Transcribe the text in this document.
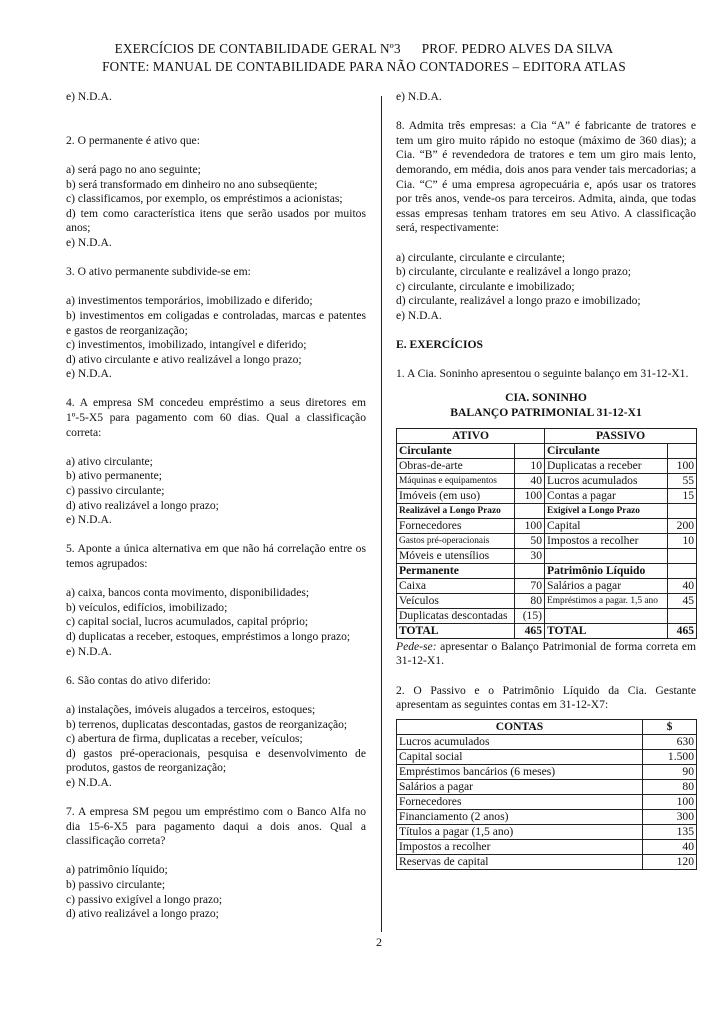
EXERCÍCIOS DE CONTABILIDADE GERAL Nº3      PROF. PEDRO ALVES DA SILVA
FONTE: MANUAL DE CONTABILIDADE PARA NÃO CONTADORES – EDITORA ATLAS

e) N.D.A.

2. O permanente é ativo que:

a) será pago no ano seguinte;

b) será transformado em dinheiro no ano subseqüente;

c) classificamos, por exemplo, os empréstimos a acionistas;

d) tem como característica itens que serão usados por muitos anos;

e) N.D.A.

3. O ativo permanente subdivide-se em:

a) investimentos temporários, imobilizado e diferido;

b) investimentos em coligadas e controladas, marcas e patentes e gastos de reorganização;

c) investimentos, imobilizado, intangível e diferido;

d) ativo circulante e ativo realizável a longo prazo;

e) N.D.A.

4. A empresa SM concedeu empréstimo a seus diretores em 1º-5-X5 para pagamento com 60 dias. Qual a classificação correta:

a) ativo circulante;

b) ativo permanente;

c) passivo circulante;

d) ativo realizável a longo prazo;

e) N.D.A.

5. Aponte a única alternativa em que não há correlação entre os temos agrupados:

a) caixa, bancos conta movimento, disponibilidades;

b) veículos, edifícios, imobilizado;

c) capital social, lucros acumulados, capital próprio;

d) duplicatas a receber, estoques, empréstimos a longo prazo;

e) N.D.A.

6. São contas do ativo diferido:

a) instalações, imóveis alugados a terceiros, estoques;

b) terrenos, duplicatas descontadas, gastos de reorganização;

c) abertura de firma, duplicatas a receber, veículos;

d) gastos pré-operacionais, pesquisa e desenvolvimento de produtos, gastos de reorganização;

e) N.D.A.

7. A empresa SM pegou um empréstimo com o Banco Alfa no dia 15-6-X5 para pagamento daqui a dois anos. Qual a classificação correta?

a) patrimônio líquido;

b) passivo circulante;

c) passivo exigível a longo prazo;

d) ativo realizável a longo prazo;

e) N.D.A.

8. Admita três empresas: a Cia “A” é fabricante de tratores e tem um giro muito rápido no estoque (máximo de 360 dias); a Cia. “B” é revendedora de tratores e tem um giro mais lento, demorando, em média, dois anos para vender tais mercadorias; a Cia. “C” é uma empresa agropecuária e, após usar os tratores por três anos, vende-os para terceiros. Admita, ainda, que todas essas empresas tenham tratores em seu Ativo. A classificação será, respectivamente:

a) circulante, circulante e circulante;

b) circulante, circulante e realizável a longo prazo;

c) circulante, circulante e imobilizado;

d) circulante, realizável a longo prazo e imobilizado;

e) N.D.A.

E. EXERCÍCIOS

1. A Cia. Soninho apresentou o seguinte balanço em 31-12-X1.

CIA. SONINHO

BALANÇO PATRIMONIAL 31-12-X1

ATIVO		PASSIVO	
Circulante		Circulante	
Obras-de-arte	10	Duplicatas a receber	100
Máquinas e equipamentos	40	Lucros acumulados	55
Imóveis (em uso)	100	Contas a pagar	15
Realizável a Longo Prazo		Exigível a Longo Prazo	
Fornecedores	100	Capital	200
Gastos pré-operacionais	50	Impostos a recolher	10
Móveis e utensílios	30		
Permanente		Patrimônio Líquido	
Caixa	70	Salários a pagar	40
Veículos	80	Empréstimos a pagar. 1,5 ano	45
Duplicatas descontadas	(15)		
TOTAL	465	TOTAL	465

Pede-se: apresentar o Balanço Patrimonial de forma correta em 31-12-X1.

2. O Passivo e o Patrimônio Líquido da Cia. Gestante apresentam as seguintes contas em 31-12-X7:

CONTAS	$
Lucros acumulados	630
Capital social	1.500
Empréstimos bancários (6 meses)	90
Salários a pagar	80
Fornecedores	100
Financiamento (2 anos)	300
Títulos a pagar (1,5 ano)	135
Impostos a recolher	40
Reservas de capital	120
2
